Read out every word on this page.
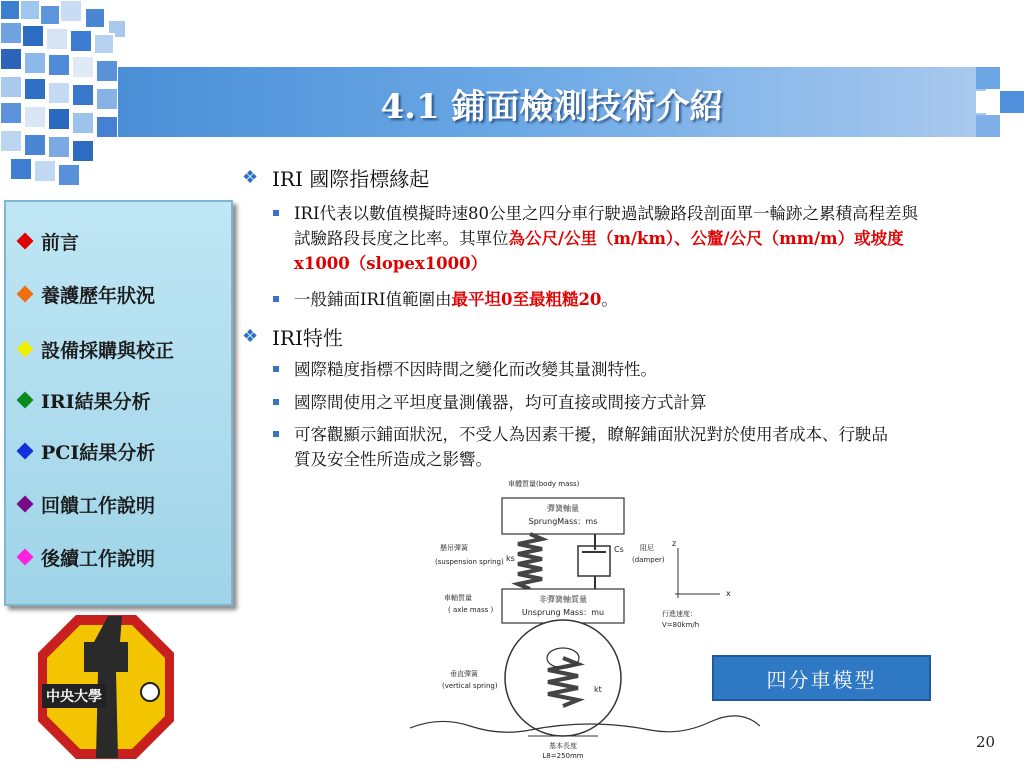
4.1 鋪面檢測技術介紹
前言
養護歷年狀況
設備採購與校正
IRI結果分析
PCI結果分析
回饋工作說明
後續工作說明
❖ IRI 國際指標緣起
IRI代表以數值模擬時速80公里之四分車行駛過試驗路段剖面單一輪跡之累積高程差與試驗路段長度之比率。其單位為公尺/公里（m/km）、公釐/公尺（mm/m）或坡度x1000（slopex1000）
一般鋪面IRI值範圍由最平坦0至最粗糙20。
❖ IRI特性
國際糙度指標不因時間之變化而改變其量測特性。
國際間使用之平坦度量測儀器，均可直接或間接方式計算
可客觀顯示鋪面狀況，不受人為因素干擾，瞭解鋪面狀況對於使用者成本、行駛品質及安全性所造成之影響。
車體質量(body mass)
彈簧軸量
SprungMass：ms
懸吊彈簧
(suspension spring) ks
Cs 阻尼
(damper)
非彈簧軸質量
Unsprung Mass：mu
車軸質量
( axle mass )
垂直彈簧
(vertical spring)	kt
基本長度
L8=250mm
z
x
行進速度：
V=80km/h
四分車模型
中央大學
20
